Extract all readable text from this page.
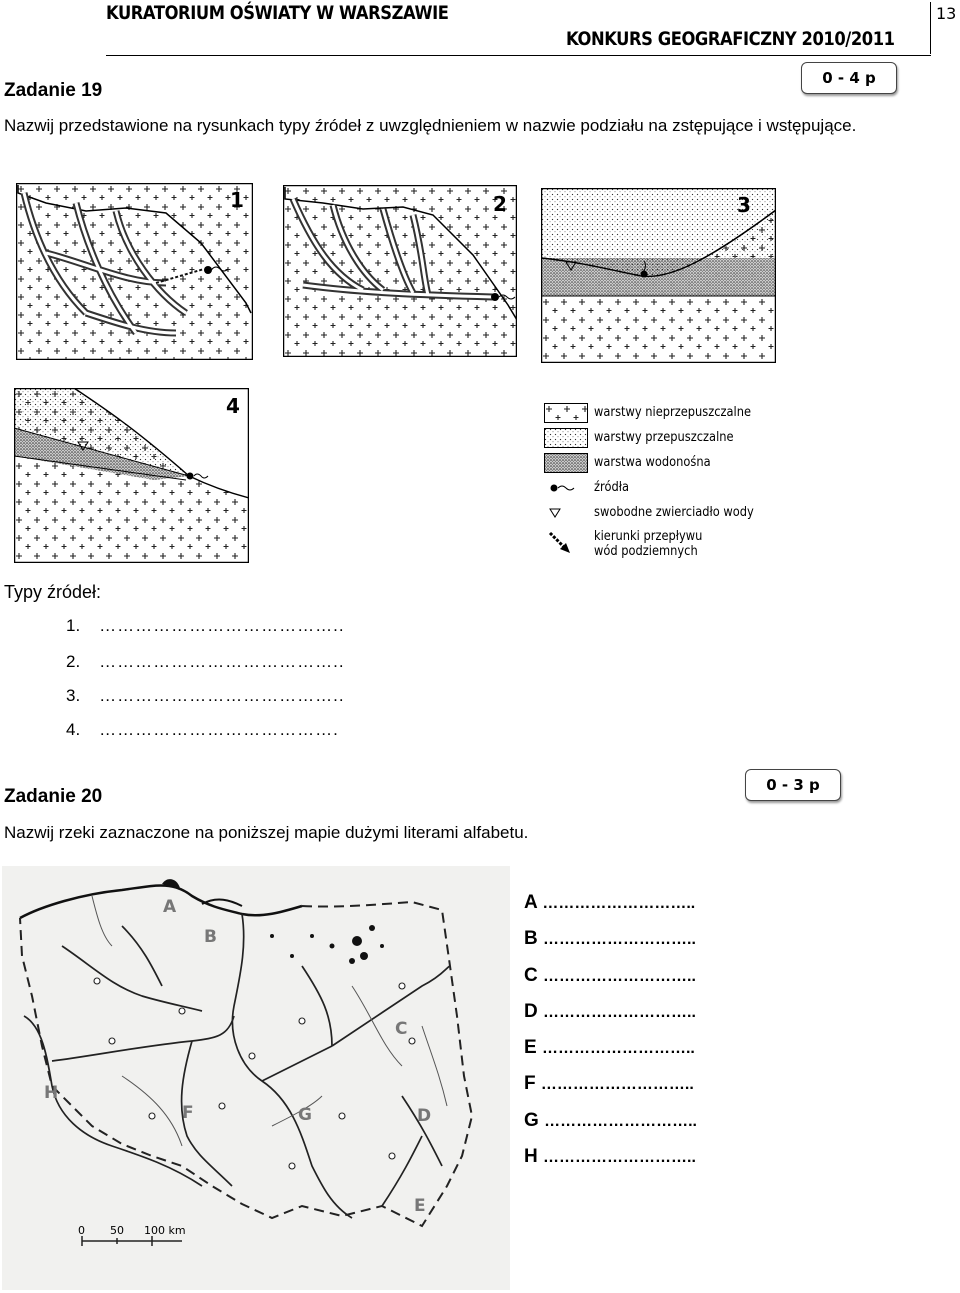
KURATORIUM OŚWIATY W WARSZAWIE
KONKURS GEOGRAFICZNY 2010/2011
13
Zadanie 19
0 - 4 p
Nazwij przedstawione na rysunkach typy źródeł z uwzględnieniem w nazwie podziału na zstępujące i wstępujące.
1	2	3
4	warstwy nieprzepuszczalne
warstwy przepuszczalne
warstwa wodonośna
źródła
swobodne zwierciadło wody
kierunki przepływu
wód podziemnych
Typy źródeł:
1. …………………………………..
2. …………………………………..
3. …………………………………..
4. ………………………………….
Zadanie 20
0 - 3 p
Nazwij rzeki zaznaczone na poniższej mapie dużymi literami alfabetu.
A
B
C
D
E
F	G
H
0 50 100 km
A ………………………..
B ………………………..
C ………………………..
D ………………………..
E ………………………..
F ………………………..
G ………………………..
H ………………………..
